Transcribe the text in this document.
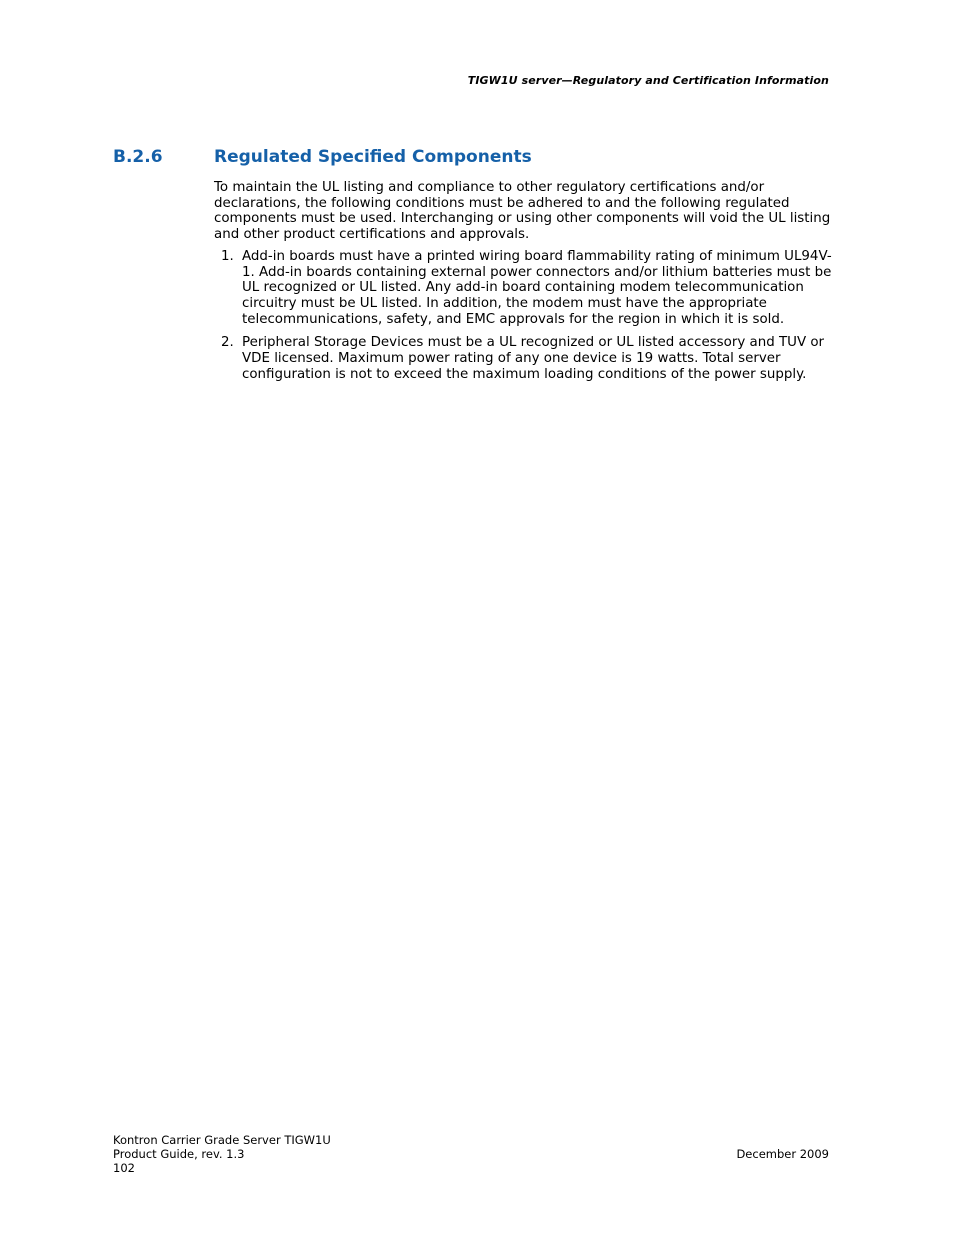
TIGW1U server—Regulatory and Certification Information
B.2.6	Regulated Specified Components

To maintain the UL listing and compliance to other regulatory certifications and/or declarations, the following conditions must be adhered to and the following regulated components must be used. Interchanging or using other components will void the UL listing and other product certifications and approvals.

1. Add-in boards must have a printed wiring board flammability rating of minimum UL94V-1. Add-in boards containing external power connectors and/or lithium batteries must be UL recognized or UL listed. Any add-in board containing modem telecommunication circuitry must be UL listed. In addition, the modem must have the appropriate telecommunications, safety, and EMC approvals for the region in which it is sold.
2. Peripheral Storage Devices must be a UL recognized or UL listed accessory and TUV or VDE licensed. Maximum power rating of any one device is 19 watts. Total server configuration is not to exceed the maximum loading conditions of the power supply.
Kontron Carrier Grade Server TIGW1U
Product Guide, rev. 1.3
102
December 2009
